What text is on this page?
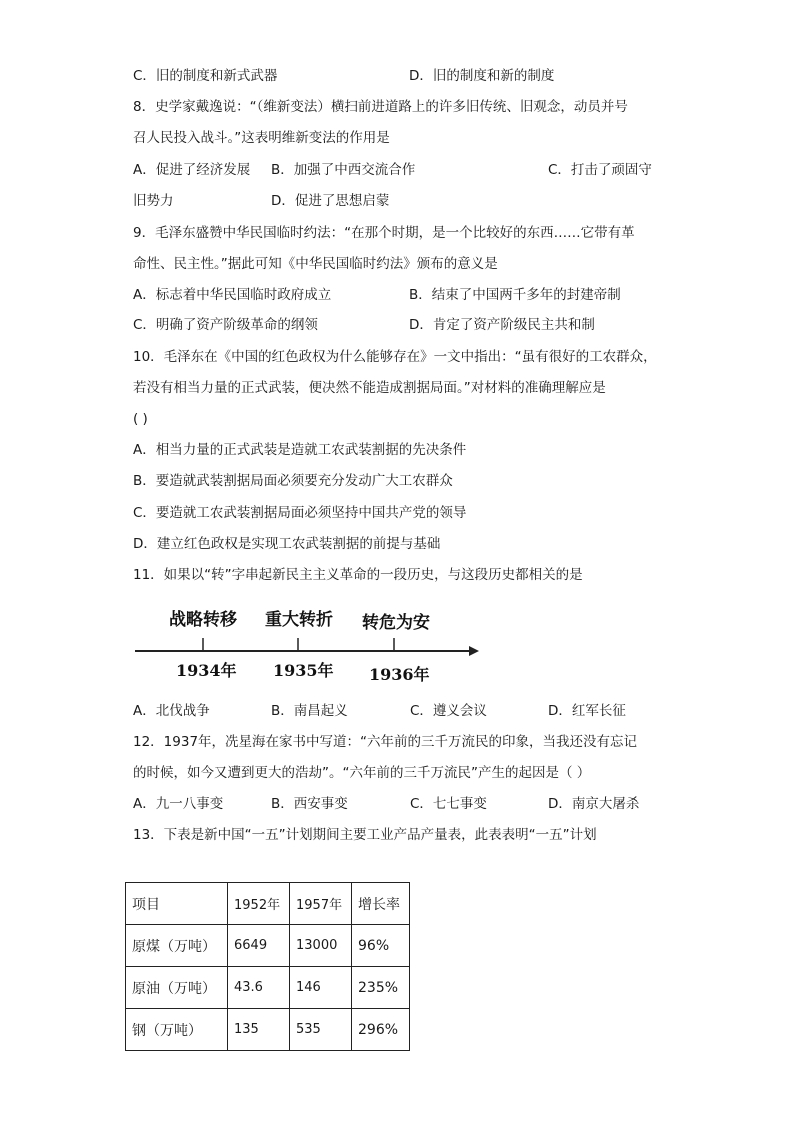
C．旧的制度和新式武器	D．旧的制度和新的制度
8．史学家戴逸说：“（维新变法）横扫前进道路上的许多旧传统、旧观念，动员并号
召人民投入战斗。”这表明维新变法的作用是
A．促进了经济发展 B．加强了中西交流合作	C．打击了顽固守
旧势力	D．促进了思想启蒙
9．毛泽东盛赞中华民国临时约法：“在那个时期，是一个比较好的东西……它带有革
命性、民主性。”据此可知《中华民国临时约法》颁布的意义是
A．标志着中华民国临时政府成立	B．结束了中国两千多年的封建帝制
C．明确了资产阶级革命的纲领	D．肯定了资产阶级民主共和制
10．毛泽东在《中国的红色政权为什么能够存在》一文中指出：“虽有很好的工农群众，
若没有相当力量的正式武装，便决然不能造成割据局面。”对材料的准确理解应是
( )
A．相当力量的正式武装是造就工农武装割据的先决条件
B．要造就武装割据局面必须要充分发动广大工农群众
C．要造就工农武装割据局面必须坚持中国共产党的领导
D．建立红色政权是实现工农武装割据的前提与基础
11．如果以“转”字串起新民主主义革命的一段历史，与这段历史都相关的是
战略转移 重大转折 转危为安
1934年 1935年 1936年
A．北伐战争	B．南昌起义	C．遵义会议	D．红军长征
12．1937年，冼星海在家书中写道：“六年前的三千万流民的印象，当我还没有忘记
的时候，如今又遭到更大的浩劫”。“六年前的三千万流民”产生的起因是（ ）
A．九一八事变	B．西安事变	C．七七事变	D．南京大屠杀
13．下表是新中国“一五”计划期间主要工业产品产量表，此表表明“一五”计划
项目	1952年	1957年	增长率
原煤（万吨）	6649	13000	96%
原油（万吨）	43.6	146	235%
钢（万吨）	135	535	296%
